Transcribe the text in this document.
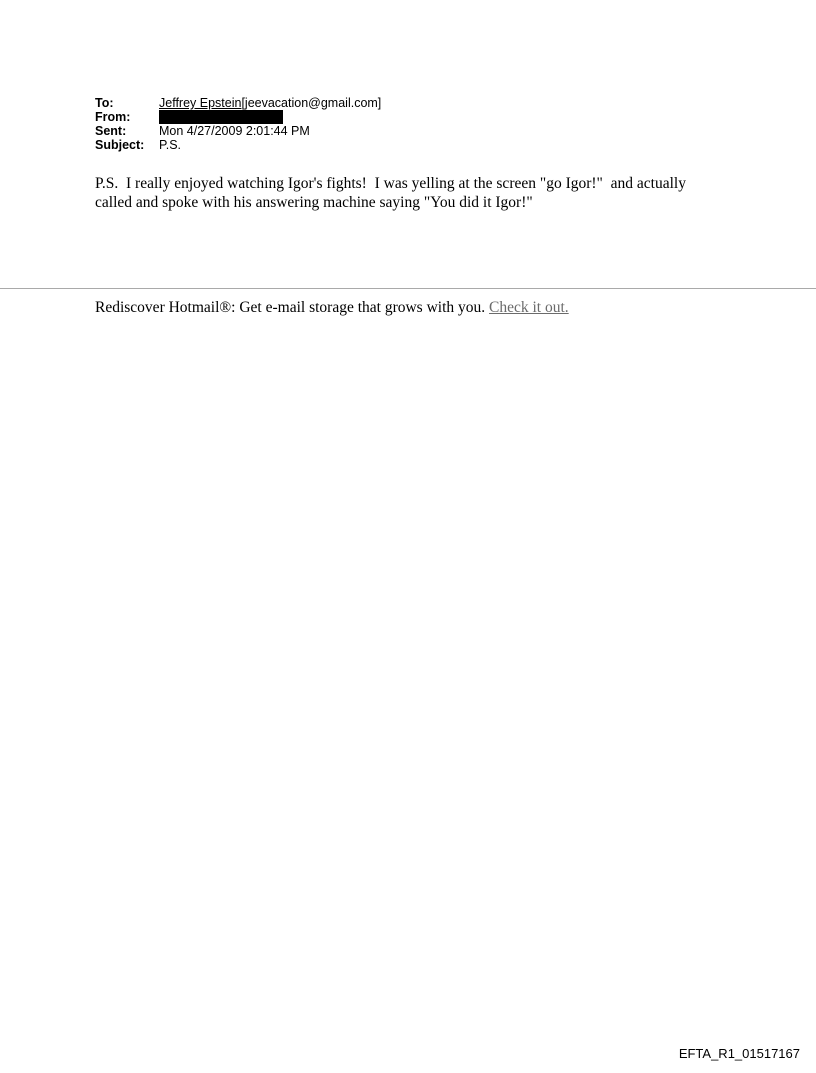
To:	Jeffrey Epstein[jeevacation@gmail.com]
From:
Sent:	Mon 4/27/2009 2:01:44 PM
Subject:	P.S.
P.S.  I really enjoyed watching Igor's fights!  I was yelling at the screen "go Igor!"  and actually
called and spoke with his answering machine saying "You did it Igor!"
Rediscover Hotmail®: Get e-mail storage that grows with you. Check it out.
EFTA_R1_01517167
